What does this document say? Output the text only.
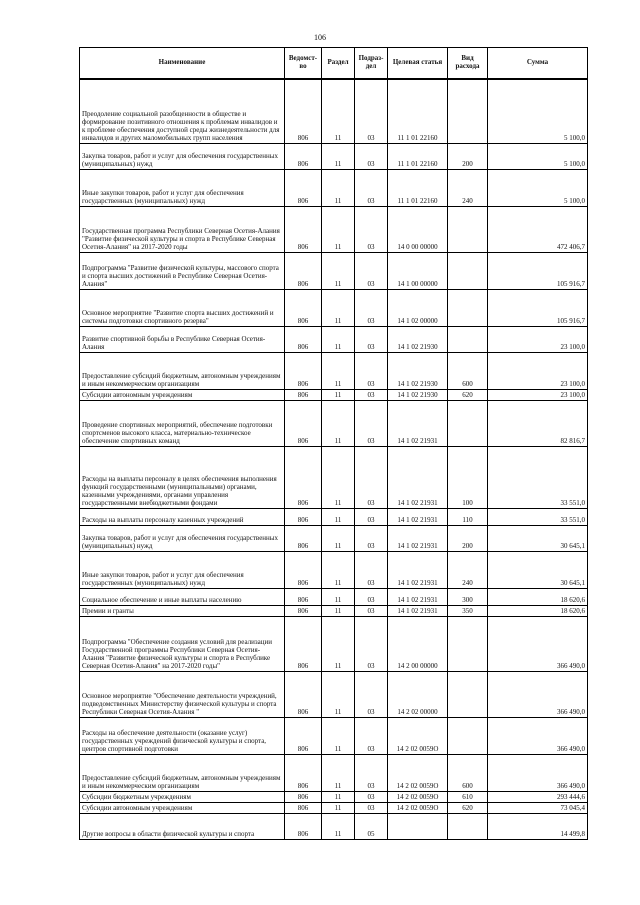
106
Наименование	Ведомст-во	Раздел	Подраз-дел	Целевая статья	Вид расхода	Сумма
Преодоление социальной разобщенности в обществе и формирование позитивного отношения к проблемам инвалидов и к проблеме обеспечения доступной среды жизнедеятельности для инвалидов и других маломобильных групп населения	806	11	03	11 1 01 22160		5 100,0
Закупка товаров, работ и услуг для обеспечения государственных (муниципальных) нужд	806	11	03	11 1 01 22160	200	5 100,0
Иные закупки товаров, работ и услуг для обеспечения государственных (муниципальных) нужд	806	11	03	11 1 01 22160	240	5 100,0
Государственная программа Республики Северная Осетия-Алания "Развитие физической культуры и спорта в Республике Северная Осетия-Алания" на 2017-2020 годы	806	11	03	14 0 00 00000		472 406,7
Подпрограмма "Развитие физической культуры, массового спорта и спорта высших достижений в Республике Северная Осетия-Алания"	806	11	03	14 1 00 00000		105 916,7
Основное мероприятие "Развитие спорта высших достижений и системы подготовки спортивного резерва"	806	11	03	14 1 02 00000		105 916,7
Развитие спортивной борьбы в Республике Северная Осетия-Алания	806	11	03	14 1 02 21930		23 100,0
Предоставление субсидий бюджетным, автономным учреждениям и иным некоммерческим организациям	806	11	03	14 1 02 21930	600	23 100,0
Субсидии автономным учреждениям	806	11	03	14 1 02 21930	620	23 100,0
Проведение спортивных мероприятий, обеспечение подготовки спортсменов высокого класса, материально-техническое обеспечение спортивных команд	806	11	03	14 1 02 21931		82 816,7
Расходы на выплаты персоналу в целях обеспечения выполнения функций государственными (муниципальными) органами, казенными учреждениями, органами управления государственными внебюджетными фондами	806	11	03	14 1 02 21931	100	33 551,0
Расходы на выплаты персоналу казенных учреждений	806	11	03	14 1 02 21931	110	33 551,0
Закупка товаров, работ и услуг для обеспечения государственных (муниципальных) нужд	806	11	03	14 1 02 21931	200	30 645,1
Иные закупки товаров, работ и услуг для обеспечения государственных (муниципальных) нужд	806	11	03	14 1 02 21931	240	30 645,1
Социальное обеспечение и иные выплаты населению	806	11	03	14 1 02 21931	300	18 620,6
Премии и гранты	806	11	03	14 1 02 21931	350	18 620,6
Подпрограмма "Обеспечение создания условий для реализации Государственной программы Республики Северная Осетия-Алания "Развитие физической культуры и спорта в Республике Северная Осетия-Алания" на 2017-2020 годы"	806	11	03	14 2 00 00000		366 490,0
Основное мероприятие "Обеспечение деятельности учреждений, подведомственных Министерству физической культуры и спорта Республики Северная Осетия-Алания "	806	11	03	14 2 02 00000		366 490,0
Расходы на обеспечение деятельности (оказание услуг) государственных учреждений физической культуры и спорта, центров спортивной подготовки	806	11	03	14 2 02 0059О		366 490,0
Предоставление субсидий бюджетным, автономным учреждениям и иным некоммерческим организациям	806	11	03	14 2 02 0059О	600	366 490,0
Субсидии бюджетным учреждениям	806	11	03	14 2 02 0059О	610	293 444,6
Субсидии автономным учреждениям	806	11	03	14 2 02 0059О	620	73 045,4
Другие вопросы в области физической культуры и спорта	806	11	05			14 499,8
